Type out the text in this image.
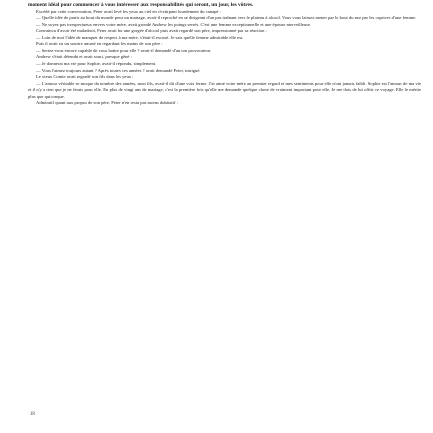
moment idéal pour commencer à vous intéresser aux responsabilités qui seront, un jour, les vôtres.

Excédé par cette conversation, Peter avait levé les yeux au ciel en s'extirpant lourdement du canapé :

— Quelle idée de partir au bout du monde pour un mariage, avait-il reproché en se dirigeant d'un pas traînant vers le plateau à alcool. Vous vous laissez mener par le bout du nez par les caprices d'une femme.

— Ne soyez pas irrespectueux envers votre mère, avait grondé Andrew les poings serrés. C'est une femme exceptionnelle et une épouse merveilleuse.

Convaincu d'avoir été maladroit, Peter avait bu une gorgée d'alcool puis avait regardé son père, impressionné par sa réaction :

— Loin de moi l'idée de manquer de respect à ma mère, s'était-il excusé. Je sais quelle femme admirable elle est.

Puis il avait eu un sourire amusé en regardant les mains de son père :

— Seriez-vous encore capable de vous battre pour elle ? avait-il demandé d'un ton provocateur.

Andrew s'était détendu et avait souri, presque gêné :

— Je donnerai ma vie pour Sophie, avait-il répondu, simplement.

— Vous l'aimez toujours autant ? Après toutes ces années ? avait demandé Peter, intrigué.

Le vieux Comte avait regardé son fils dans les yeux :

— L'amour véritable se moque du nombre des années, mon fils, avait-il dit d'une voix ferme. J'ai aimé votre mère au premier regard et mes sentiments pour elle n'ont jamais faibli. Sophie est l'amour de ma vie et il n'y a rien que je ne ferais pour elle. En plus de vingt ans de mariage, c'est la première fois qu'elle me demande quelque chose de vraiment important pour elle. Je me dois de lui offrir ce voyage. Elle le mérite plus que quiconque.

Admiratif quant aux propos de son père, Peter n'en resta pas moins dubitatif :

18
